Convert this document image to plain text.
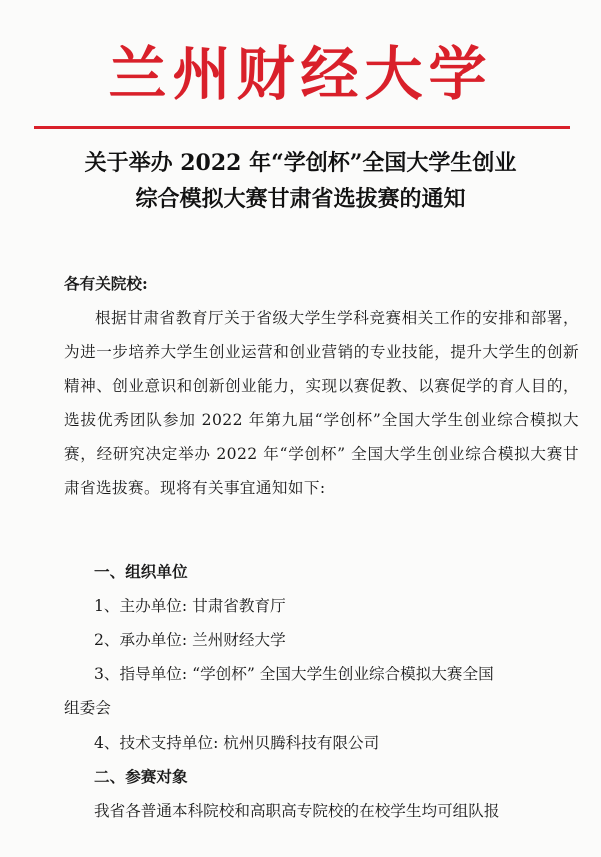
兰州财经大学
关于举办 2022 年“学创杯”全国大学生创业
综合模拟大赛甘肃省选拔赛的通知
各有关院校:
根据甘肃省教育厅关于省级大学生学科竞赛相关工作的安排和部署，为进一步培养大学生创业运营和创业营销的专业技能，提升大学生的创新精神、创业意识和创新创业能力，实现以赛促教、以赛促学的育人目的，选拔优秀团队参加 2022 年第九届“学创杯”全国大学生创业综合模拟大赛，经研究决定举办 2022 年“学创杯” 全国大学生创业综合模拟大赛甘肃省选拔赛。现将有关事宜通知如下:
一、组织单位
1、主办单位: 甘肃省教育厅
2、承办单位: 兰州财经大学
3、指导单位: “学创杯” 全国大学生创业综合模拟大赛全国
组委会
4、技术支持单位: 杭州贝腾科技有限公司
二、参赛对象
我省各普通本科院校和高职高专院校的在校学生均可组队报
